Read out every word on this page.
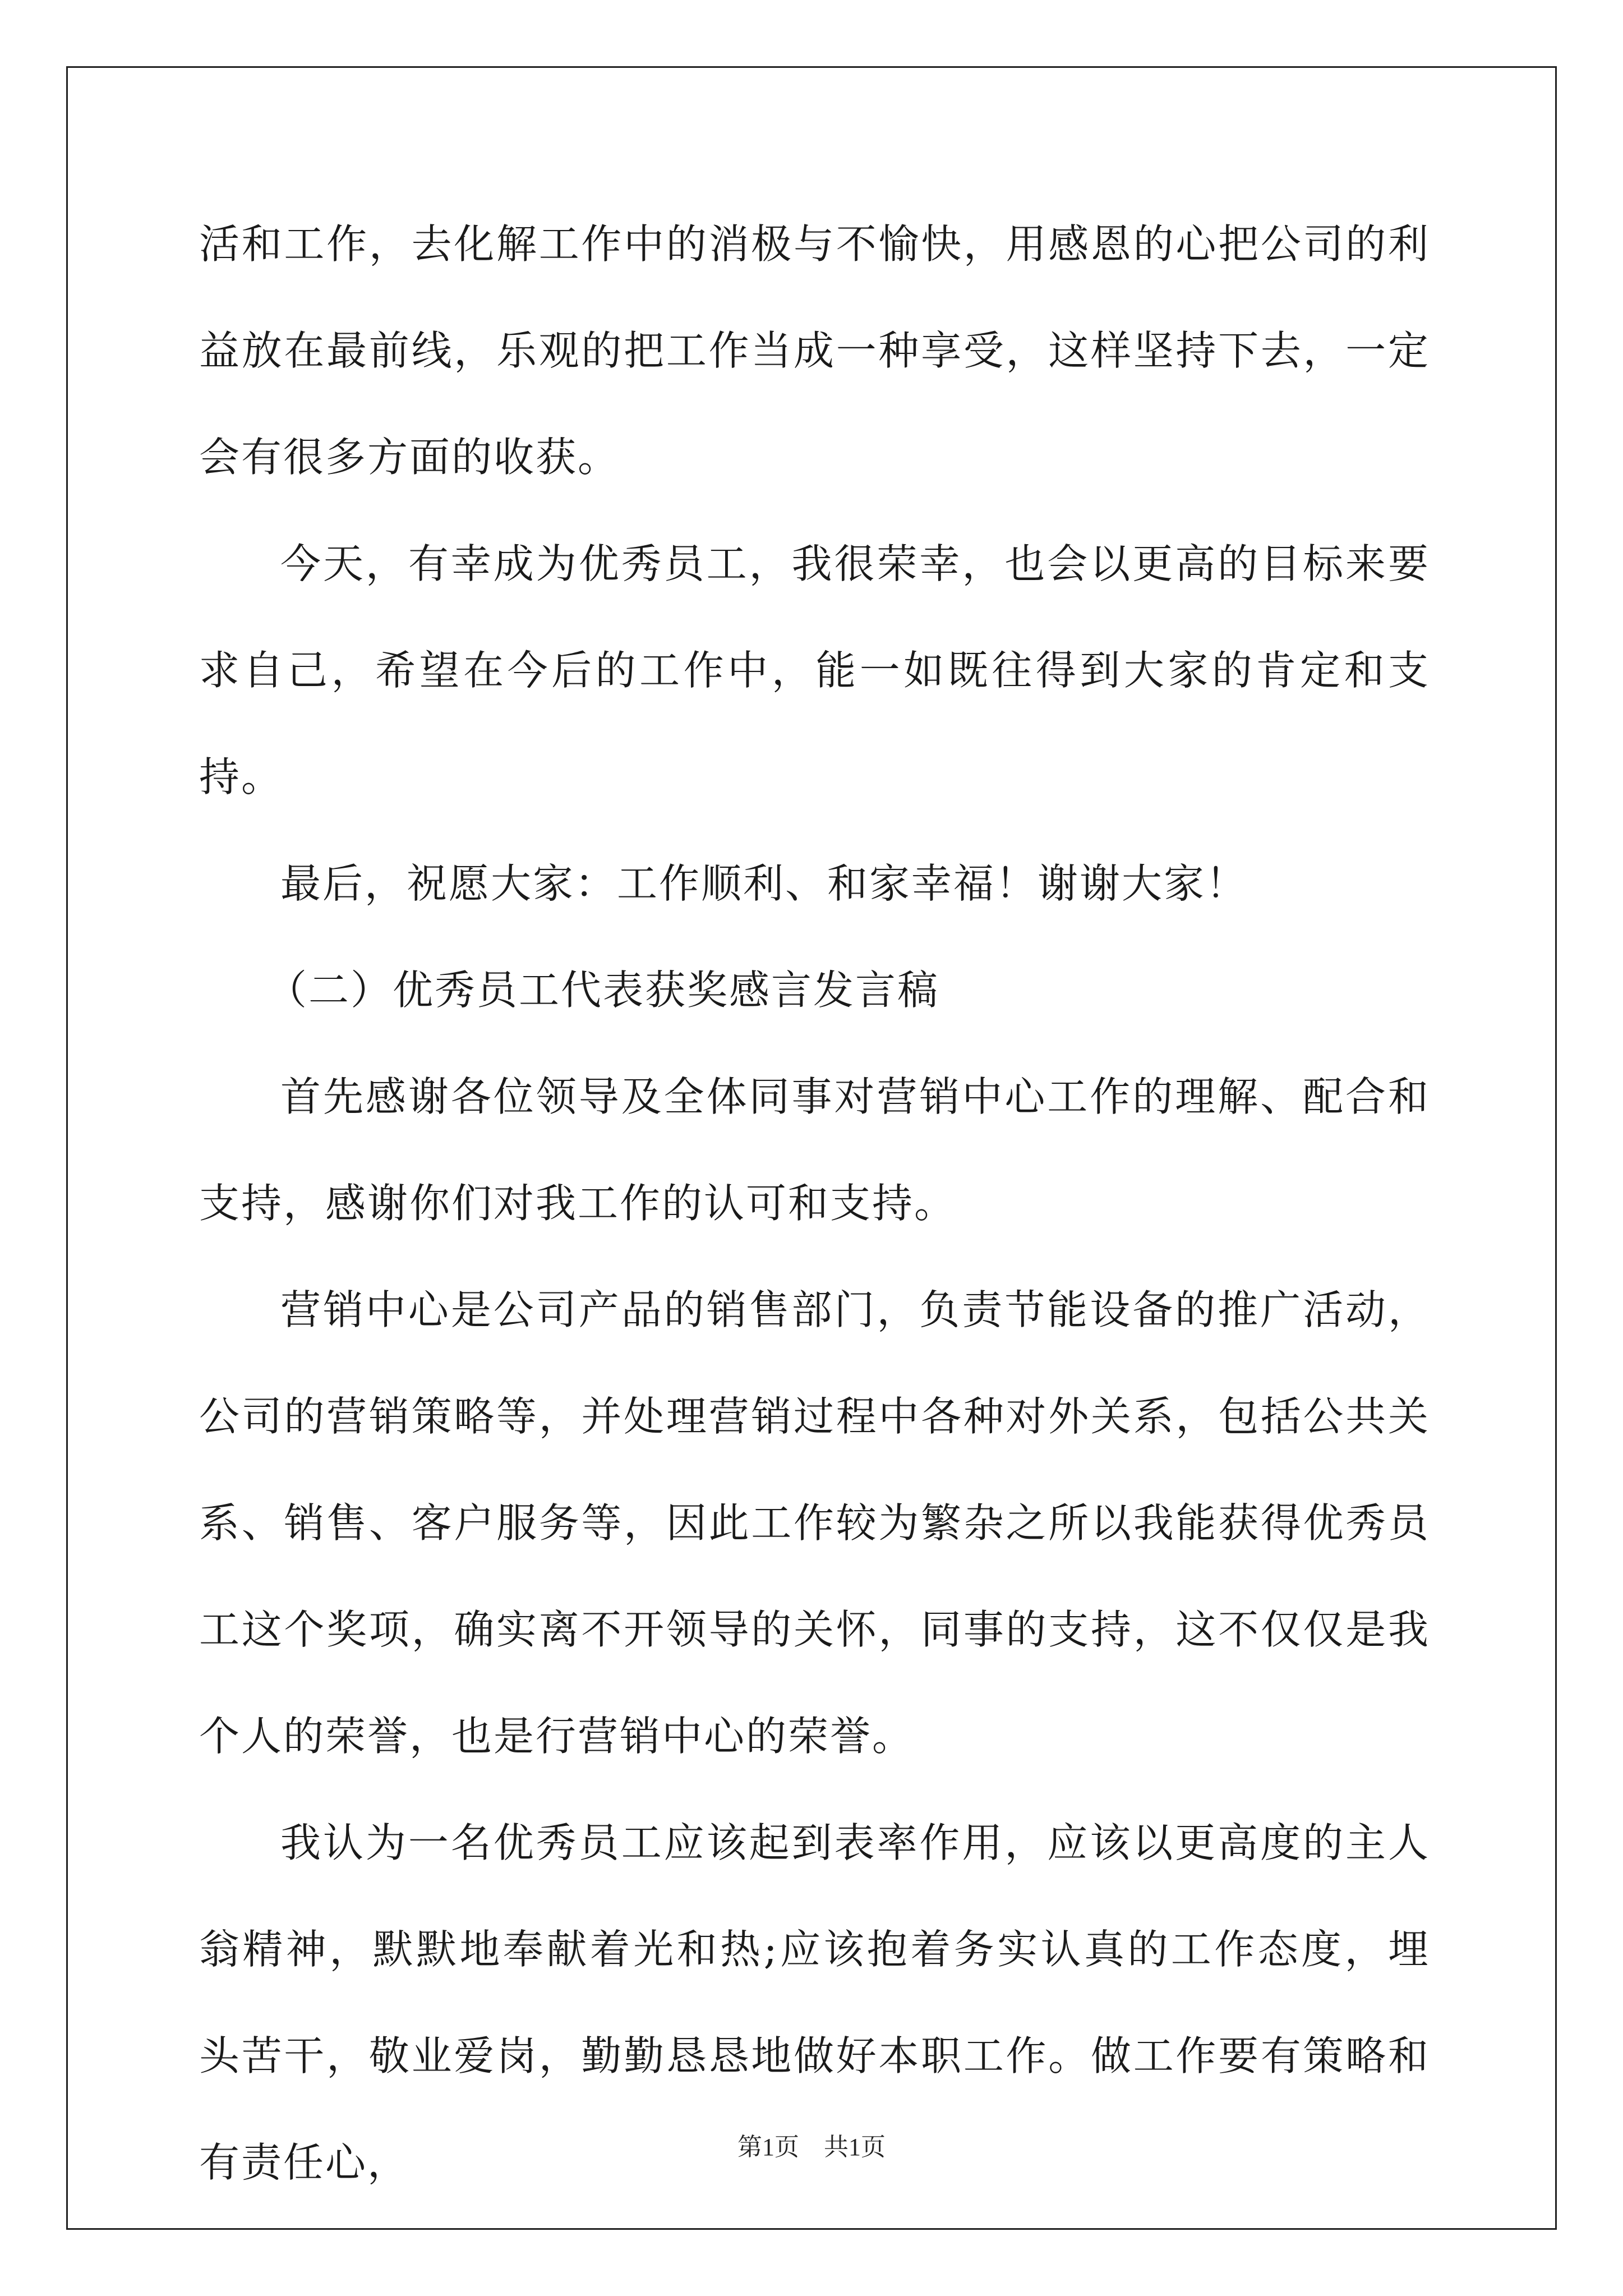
活和工作，去化解工作中的消极与不愉快，用感恩的心把公司的利益放在最前线，乐观的把工作当成一种享受，这样坚持下去，一定会有很多方面的收获。

今天，有幸成为优秀员工，我很荣幸，也会以更高的目标来要求自己，希望在今后的工作中，能一如既往得到大家的肯定和支持。

最后，祝愿大家：工作顺利、和家幸福！谢谢大家！

（二）优秀员工代表获奖感言发言稿

首先感谢各位领导及全体同事对营销中心工作的理解、配合和支持，感谢你们对我工作的认可和支持。

营销中心是公司产品的销售部门，负责节能设备的推广活动，公司的营销策略等，并处理营销过程中各种对外关系，包括公共关系、销售、客户服务等，因此工作较为繁杂之所以我能获得优秀员工这个奖项，确实离不开领导的关怀，同事的支持，这不仅仅是我个人的荣誉，也是行营销中心的荣誉。

我认为一名优秀员工应该起到表率作用，应该以更高度的主人翁精神，默默地奉献着光和热;应该抱着务实认真的工作态度，埋头苦干，敬业爱岗，勤勤恳恳地做好本职工作。做工作要有策略和有责任心，	第1页　共1页
